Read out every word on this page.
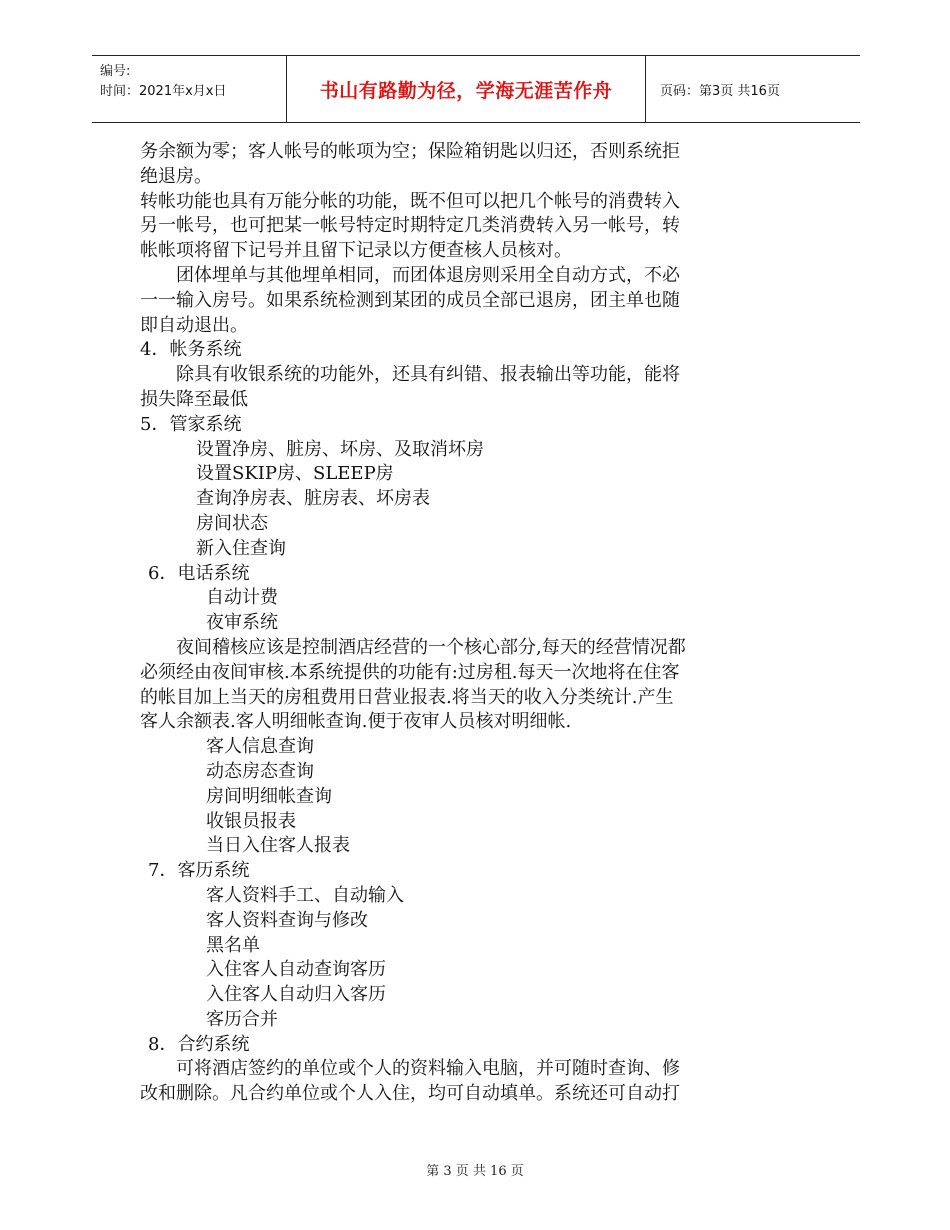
编号:
时间：2021年x月x日	书山有路勤为径，学海无涯苦作舟	页码：第3页 共16页
务余额为零；客人帐号的帐项为空；保险箱钥匙以归还，否则系统拒
绝退房。
转帐功能也具有万能分帐的功能，既不但可以把几个帐号的消费转入
另一帐号，也可把某一帐号特定时期特定几类消费转入另一帐号，转
帐帐项将留下记号并且留下记录以方便查核人员核对。
团体埋单与其他埋单相同，而团体退房则采用全自动方式，不必
一一输入房号。如果系统检测到某团的成员全部已退房，团主单也随
即自动退出。
4．帐务系统
除具有收银系统的功能外，还具有纠错、报表输出等功能，能将
损失降至最低
5．管家系统
设置净房、脏房、坏房、及取消坏房
设置SKIP房、SLEEP房
查询净房表、脏房表、坏房表
房间状态
新入住查询
6．电话系统
自动计费
夜审系统
夜间稽核应该是控制酒店经营的一个核心部分,每天的经营情况都
必须经由夜间审核.本系统提供的功能有:过房租.每天一次地将在住客
的帐目加上当天的房租费用日营业报表.将当天的收入分类统计.产生
客人余额表.客人明细帐查询.便于夜审人员核对明细帐.
客人信息查询
动态房态查询
房间明细帐查询
收银员报表
当日入住客人报表
7．客历系统
客人资料手工、自动输入
客人资料查询与修改
黑名单
入住客人自动查询客历
入住客人自动归入客历
客历合并
8．合约系统
可将酒店签约的单位或个人的资料输入电脑，并可随时查询、修
改和删除。凡合约单位或个人入住，均可自动填单。系统还可自动打
第 3 页 共 16 页
